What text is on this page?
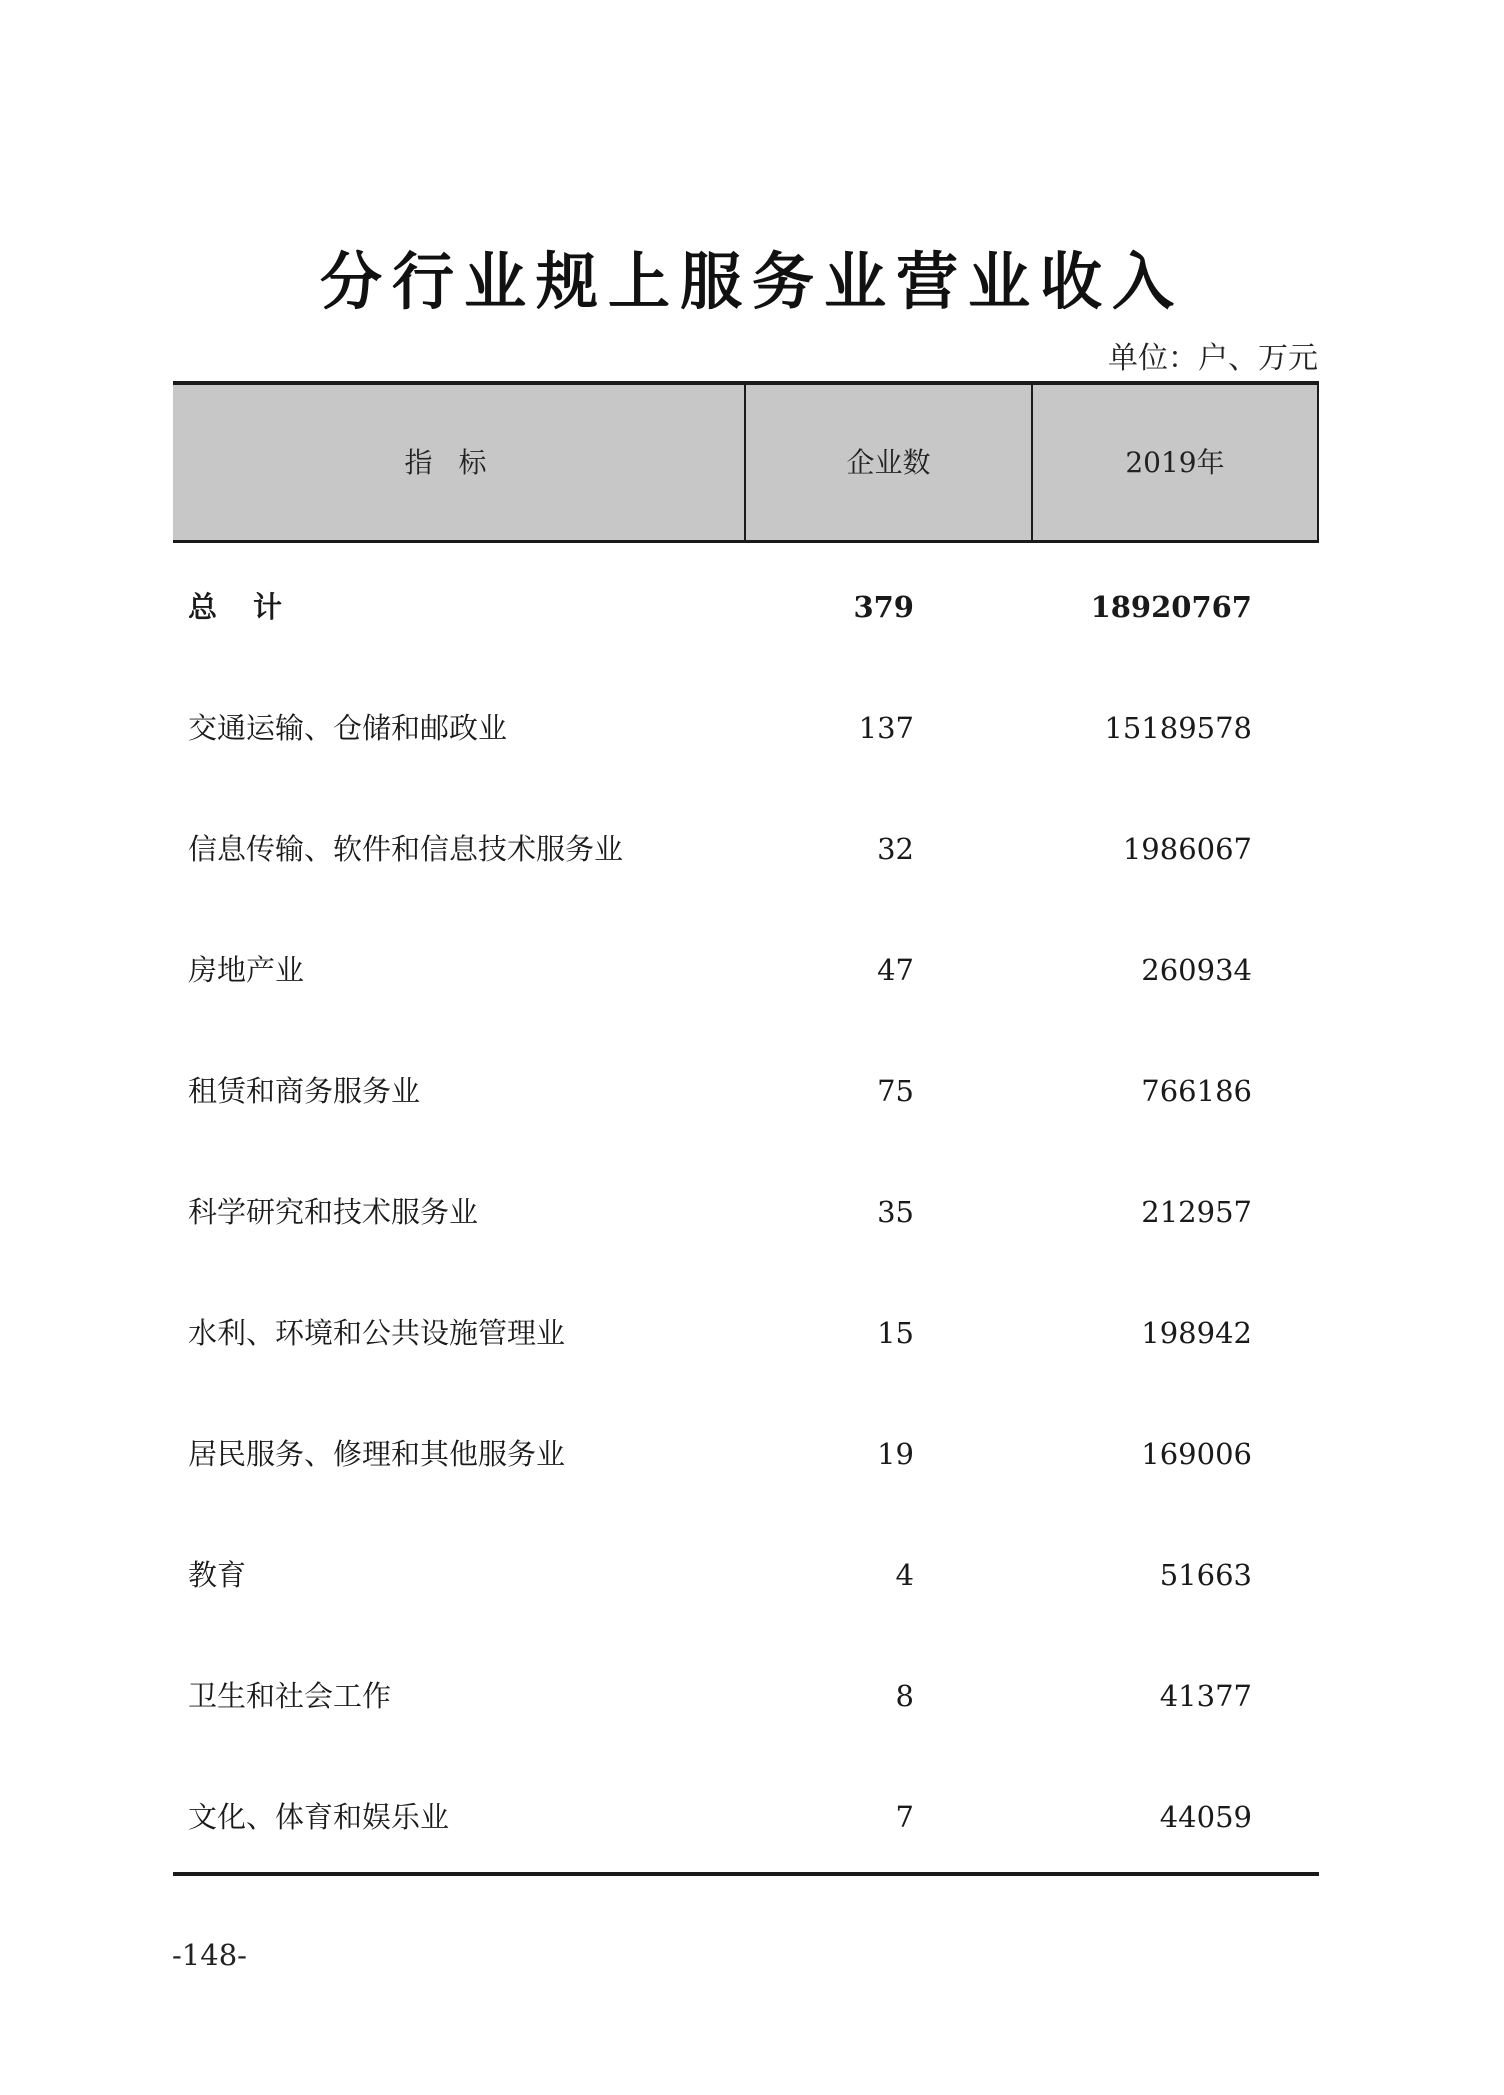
分行业规上服务业营业收入
单位：户、万元
指标	企业数	2019年
总计	379	18920767
交通运输、仓储和邮政业	137	15189578
信息传输、软件和信息技术服务业	32	1986067
房地产业	47	260934
租赁和商务服务业	75	766186
科学研究和技术服务业	35	212957
水利、环境和公共设施管理业	15	198942
居民服务、修理和其他服务业	19	169006
教育	4	51663
卫生和社会工作	8	41377
文化、体育和娱乐业	7	44059
-148-
